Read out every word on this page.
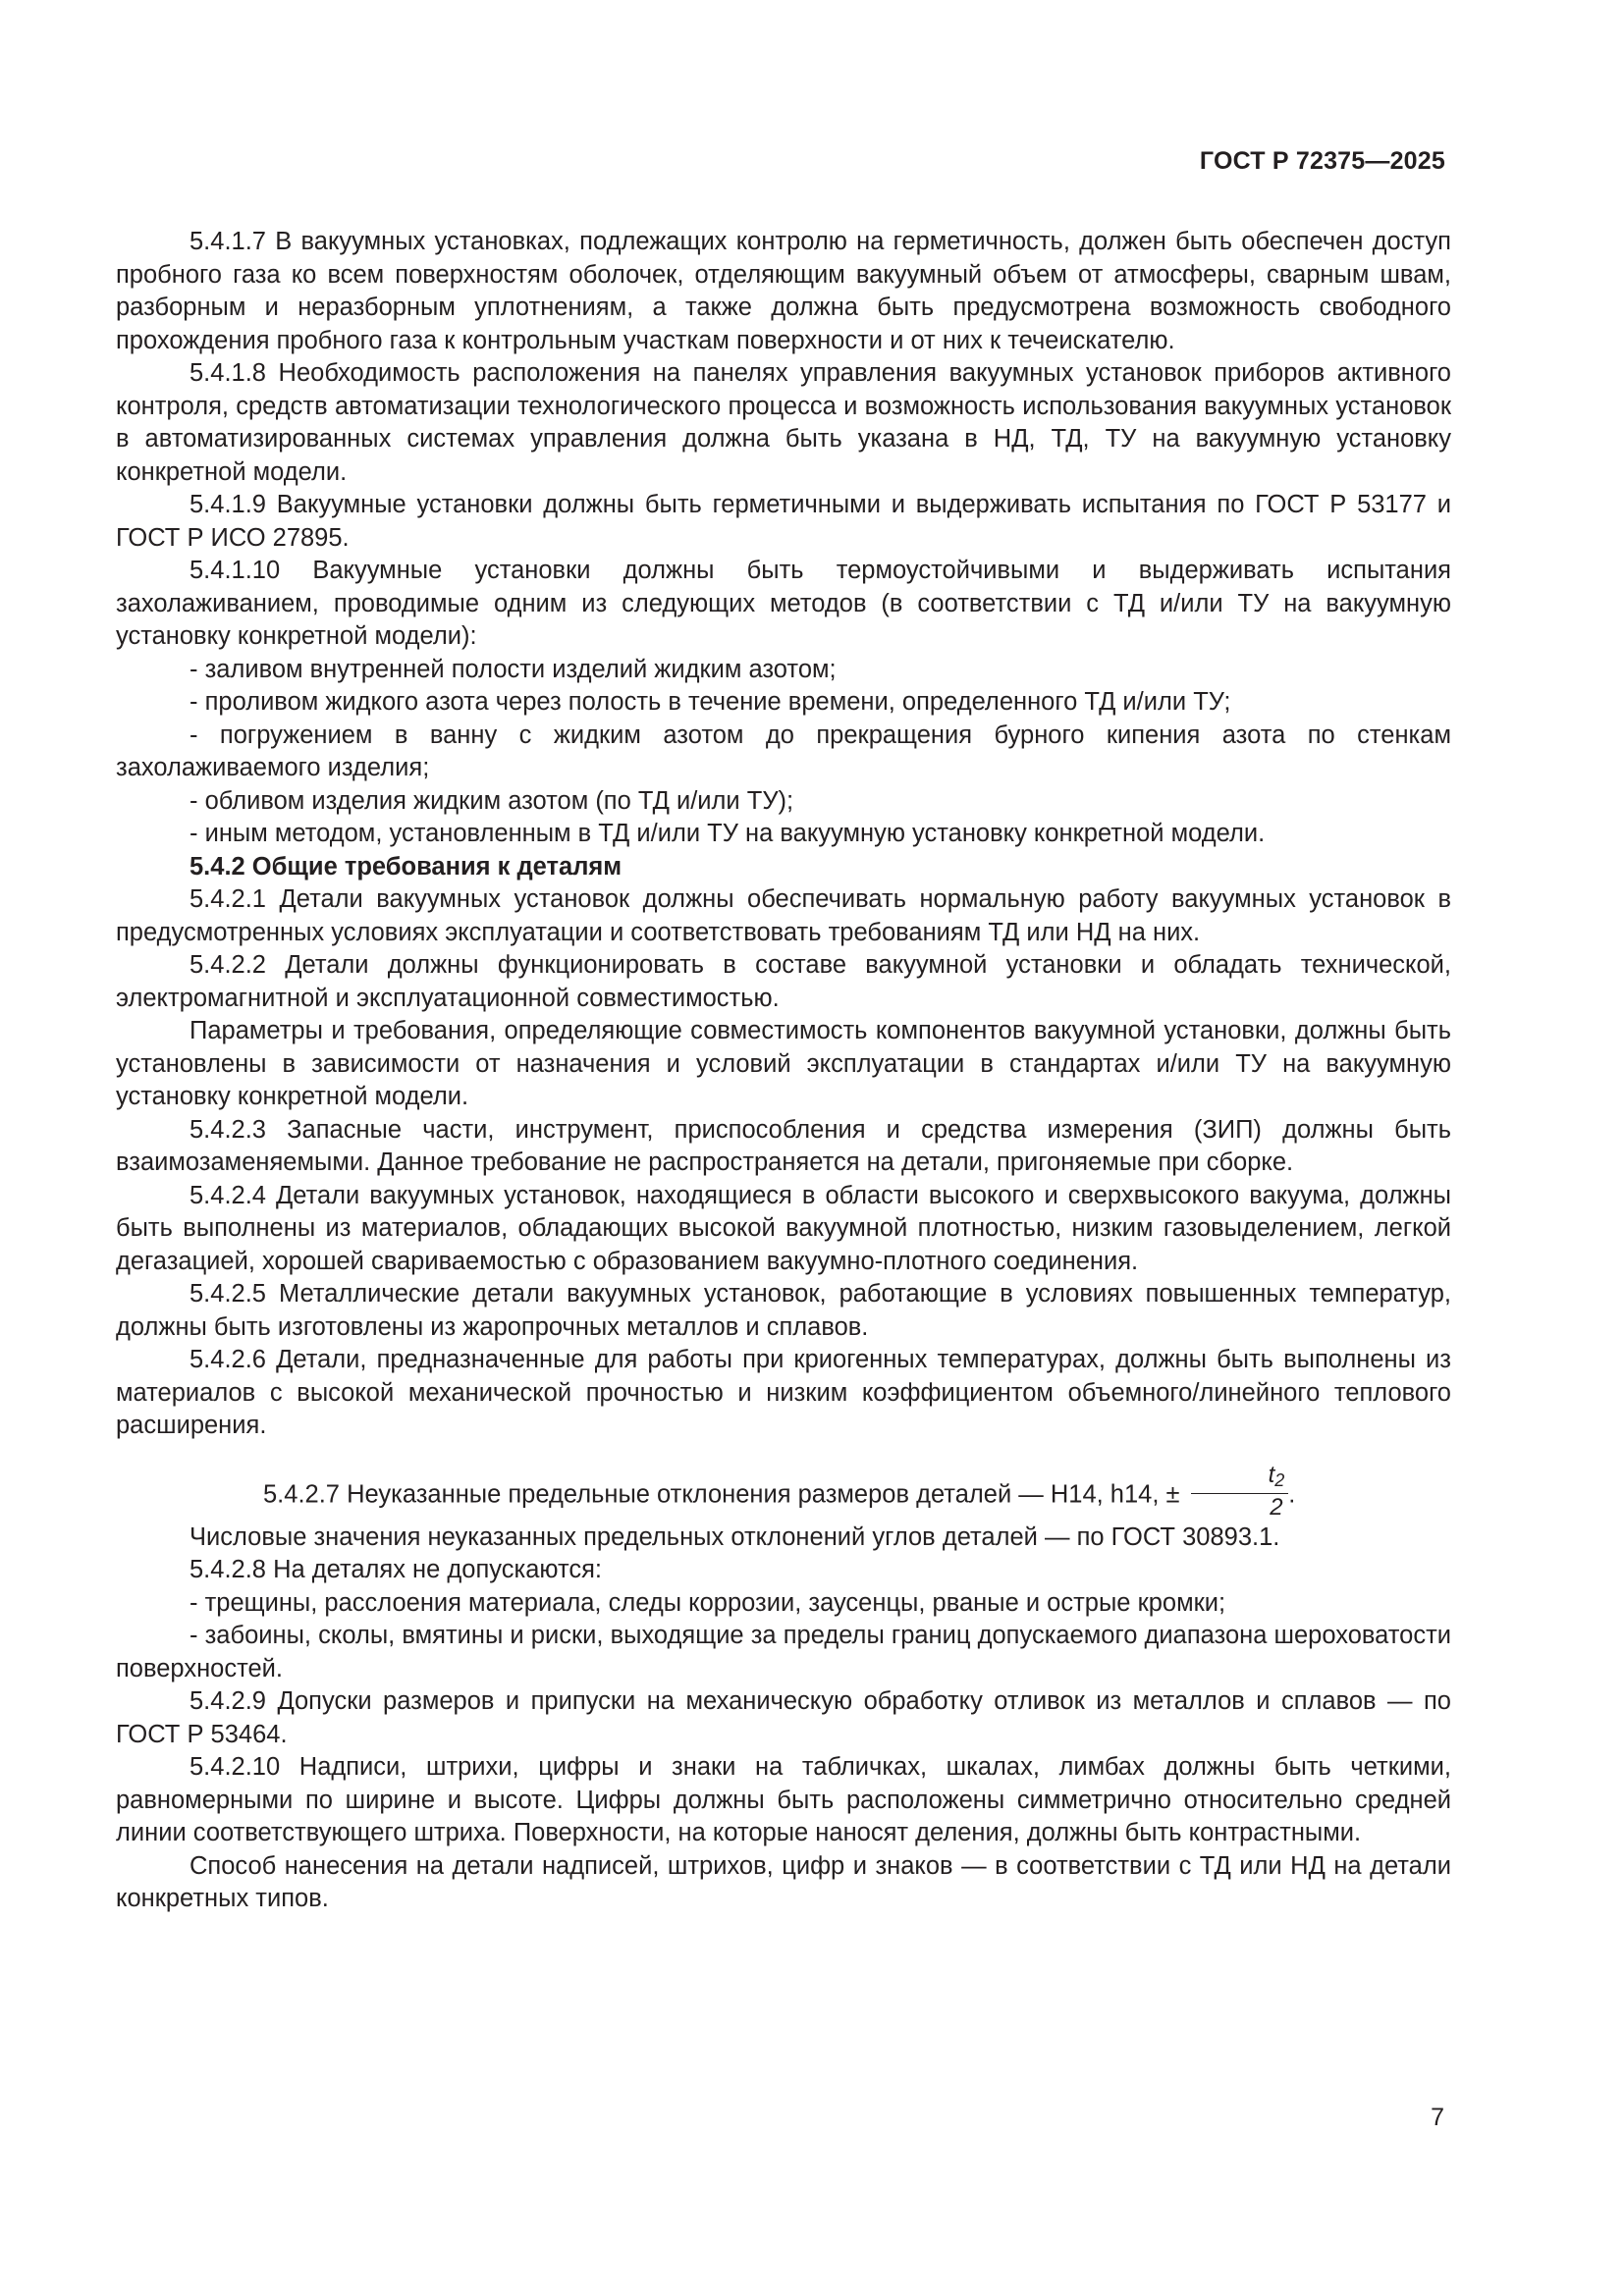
ГОСТ Р 72375—2025

5.4.1.7 В вакуумных установках, подлежащих контролю на герметичность, должен быть обеспечен доступ пробного газа ко всем поверхностям оболочек, отделяющим вакуумный объем от атмосферы, сварным швам, разборным и неразборным уплотнениям, а также должна быть предусмотрена возможность свободного прохождения пробного газа к контрольным участкам поверхности и от них к течеискателю.

5.4.1.8 Необходимость расположения на панелях управления вакуумных установок приборов активного контроля, средств автоматизации технологического процесса и возможность использования вакуумных установок в автоматизированных системах управления должна быть указана в НД, ТД, ТУ на вакуумную установку конкретной модели.

5.4.1.9 Вакуумные установки должны быть герметичными и выдерживать испытания по ГОСТ Р 53177 и ГОСТ Р ИСО 27895.

5.4.1.10 Вакуумные установки должны быть термоустойчивыми и выдерживать испытания захолаживанием, проводимые одним из следующих методов (в соответствии с ТД и/или ТУ на вакуумную установку конкретной модели):

- заливом внутренней полости изделий жидким азотом;

- проливом жидкого азота через полость в течение времени, определенного ТД и/или ТУ;

- погружением в ванну с жидким азотом до прекращения бурного кипения азота по стенкам захолаживаемого изделия;

- обливом изделия жидким азотом (по ТД и/или ТУ);

- иным методом, установленным в ТД и/или ТУ на вакуумную установку конкретной модели.

5.4.2 Общие требования к деталям

5.4.2.1 Детали вакуумных установок должны обеспечивать нормальную работу вакуумных установок в предусмотренных условиях эксплуатации и соответствовать требованиям ТД или НД на них.

5.4.2.2 Детали должны функционировать в составе вакуумной установки и обладать технической, электромагнитной и эксплуатационной совместимостью.

Параметры и требования, определяющие совместимость компонентов вакуумной установки, должны быть установлены в зависимости от назначения и условий эксплуатации в стандартах и/или ТУ на вакуумную установку конкретной модели.

5.4.2.3 Запасные части, инструмент, приспособления и средства измерения (ЗИП) должны быть взаимозаменяемыми. Данное требование не распространяется на детали, пригоняемые при сборке.

5.4.2.4 Детали вакуумных установок, находящиеся в области высокого и сверхвысокого вакуума, должны быть выполнены из материалов, обладающих высокой вакуумной плотностью, низким газовыделением, легкой дегазацией, хорошей свариваемостью с образованием вакуумно-плотного соединения.

5.4.2.5 Металлические детали вакуумных установок, работающие в условиях повышенных температур, должны быть изготовлены из жаропрочных металлов и сплавов.

5.4.2.6 Детали, предназначенные для работы при криогенных температурах, должны быть выполнены из материалов с высокой механической прочностью и низким коэффициентом объемного/линейного теплового расширения.

5.4.2.7 Неуказанные предельные отклонения размеров деталей — H14, h14, ± $\frac{t_2}{2}$ .

Числовые значения неуказанных предельных отклонений углов деталей — по ГОСТ 30893.1.

5.4.2.8 На деталях не допускаются:

- трещины, расслоения материала, следы коррозии, заусенцы, рваные и острые кромки;

- забоины, сколы, вмятины и риски, выходящие за пределы границ допускаемого диапазона шероховатости поверхностей.

5.4.2.9 Допуски размеров и припуски на механическую обработку отливок из металлов и сплавов — по ГОСТ Р 53464.

5.4.2.10 Надписи, штрихи, цифры и знаки на табличках, шкалах, лимбах должны быть четкими, равномерными по ширине и высоте. Цифры должны быть расположены симметрично относительно средней линии соответствующего штриха. Поверхности, на которые наносят деления, должны быть контрастными.

Способ нанесения на детали надписей, штрихов, цифр и знаков — в соответствии с ТД или НД на детали конкретных типов.

7
